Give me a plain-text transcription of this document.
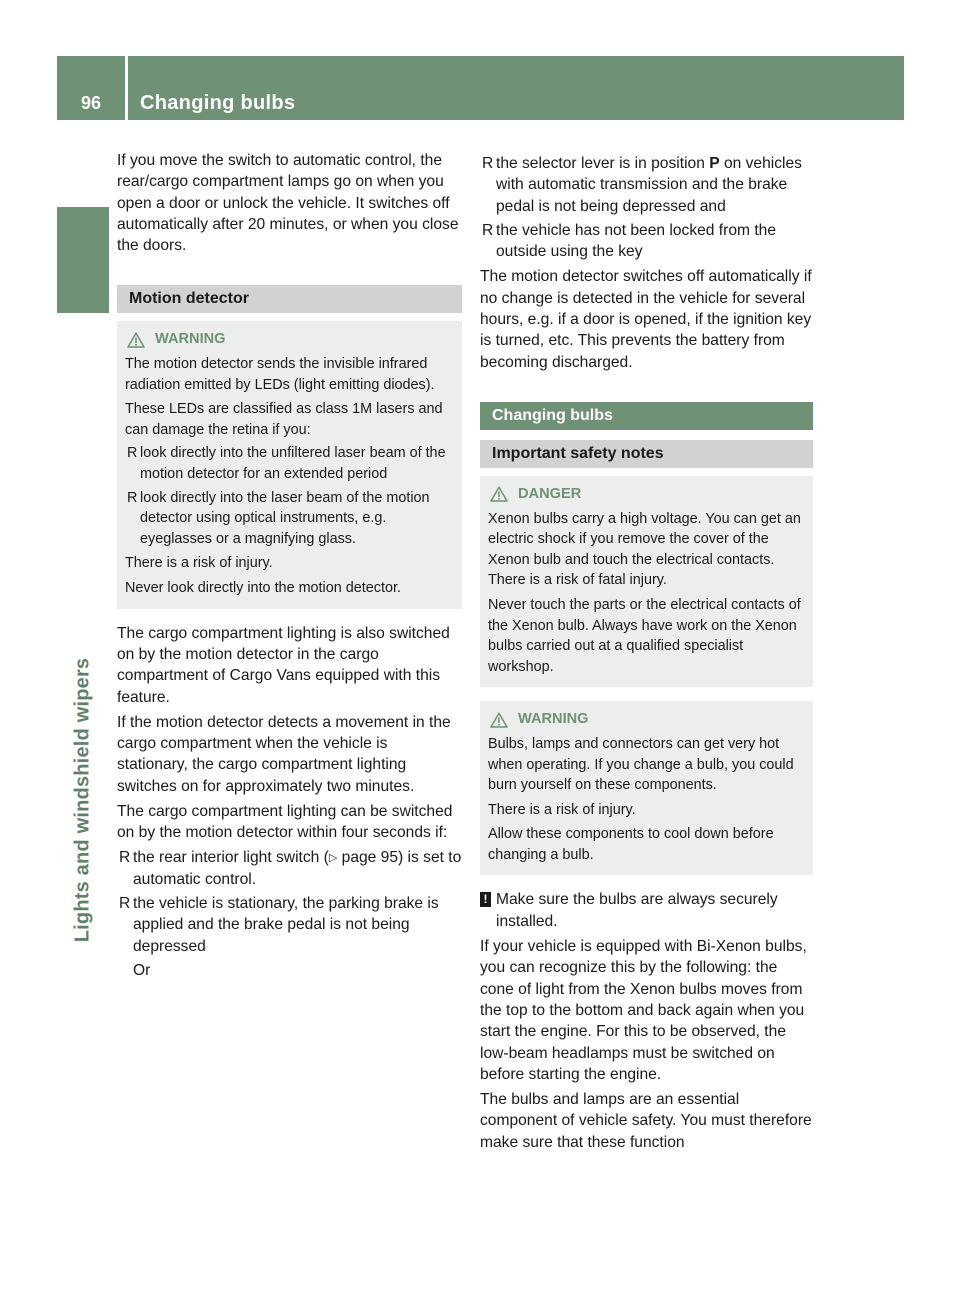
96	Changing bulbs
Lights and windshield wipers

If you move the switch to automatic control, the rear/cargo compartment lamps go on when you open a door or unlock the vehicle. It switches off automatically after 20 minutes, or when you close the doors.

Motion detector
WARNING

The motion detector sends the invisible infrared radiation emitted by LEDs (light emitting diodes).

These LEDs are classified as class 1M lasers and can damage the retina if you:

R look directly into the unfiltered laser beam of the motion detector for an extended period
R look directly into the laser beam of the motion detector using optical instruments, e.g. eyeglasses or a magnifying glass.

There is a risk of injury.

Never look directly into the motion detector.

The cargo compartment lighting is also switched on by the motion detector in the cargo compartment of Cargo Vans equipped with this feature.

If the motion detector detects a movement in the cargo compartment when the vehicle is stationary, the cargo compartment lighting switches on for approximately two minutes.

The cargo compartment lighting can be switched on by the motion detector within four seconds if:

R the rear interior light switch (▷ page 95) is set to automatic control.
R the vehicle is stationary, the parking brake is applied and the brake pedal is not being depressed
Or
R the selector lever is in position P on vehicles with automatic transmission and the brake pedal is not being depressed and
R the vehicle has not been locked from the outside using the key

The motion detector switches off automatically if no change is detected in the vehicle for several hours, e.g. if a door is opened, if the ignition key is turned, etc. This prevents the battery from becoming discharged.

Changing bulbs
Important safety notes
DANGER

Xenon bulbs carry a high voltage. You can get an electric shock if you remove the cover of the Xenon bulb and touch the electrical contacts. There is a risk of fatal injury.

Never touch the parts or the electrical contacts of the Xenon bulb. Always have work on the Xenon bulbs carried out at a qualified specialist workshop.

WARNING

Bulbs, lamps and connectors can get very hot when operating. If you change a bulb, you could burn yourself on these components.

There is a risk of injury.

Allow these components to cool down before changing a bulb.

! Make sure the bulbs are always securely installed.

If your vehicle is equipped with Bi-Xenon bulbs, you can recognize this by the following: the cone of light from the Xenon bulbs moves from the top to the bottom and back again when you start the engine. For this to be observed, the low-beam headlamps must be switched on before starting the engine.

The bulbs and lamps are an essential component of vehicle safety. You must therefore make sure that these function
